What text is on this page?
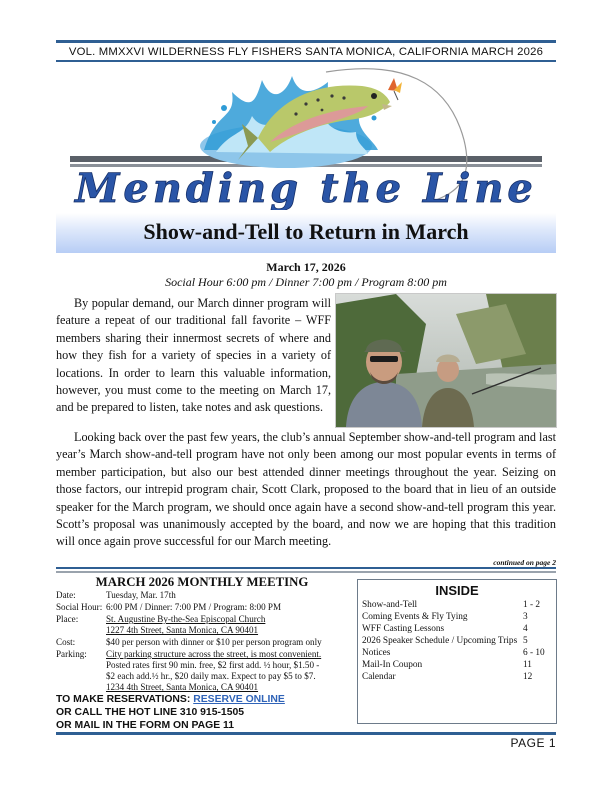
VOL. MMXXVI WILDERNESS FLY FISHERS SANTA MONICA, CALIFORNIA MARCH 2026
Mending the Line
Show-and-Tell to Return in March
March 17, 2026
Social Hour 6:00 pm / Dinner 7:00 pm / Program 8:00 pm
By popular demand, our March dinner program will feature a repeat of our traditional fall favorite – WFF members sharing their innermost secrets of where and how they fish for a variety of species in a variety of locations. In order to learn this valuable information, however, you must come to the meeting on March 17, and be prepared to listen, take notes and ask questions.
Looking back over the past few years, the club’s annual September show-and-tell program and last year’s March show-and-tell program have not only been among our most popular events in terms of member participation, but also our best attended dinner meetings throughout the year. Seizing on those factors, our intrepid program chair, Scott Clark, proposed to the board that in lieu of an outside speaker for the March program, we should once again have a second show-and-tell program this year. Scott’s proposal was unanimously accepted by the board, and now we are hoping that this tradition will once again prove successful for our March meeting.
continued on page 2
MARCH 2026 MONTHLY MEETING
Date:	Tuesday, Mar. 17th
Social Hour: 6:00 PM / Dinner: 7:00 PM / Program: 8:00 PM
Place:	St. Augustine By-the-Sea Episcopal Church
1227 4th Street, Santa Monica, CA 90401
Cost:	$40 per person with dinner or $10 per person program only
Parking:	City parking structure across the street, is most convenient.
Posted rates first 90 min. free, $2 first add. ½ hour, $1.50 -
$2 each add.½ hr., $20 daily max. Expect to pay $5 to $7.
1234 4th Street, Santa Monica, CA 90401
TO MAKE RESERVATIONS: RESERVE ONLINE
OR CALL THE HOT LINE 310 915-1505
OR MAIL IN THE FORM ON PAGE 11
INSIDE
Show-and-Tell	1 - 2
Coming Events & Fly Tying	3
WFF Casting Lessons	4
2026 Speaker Schedule / Upcoming Trips 5
Notices	6 - 10
Mail-In Coupon	11
Calendar	12
PAGE 1
